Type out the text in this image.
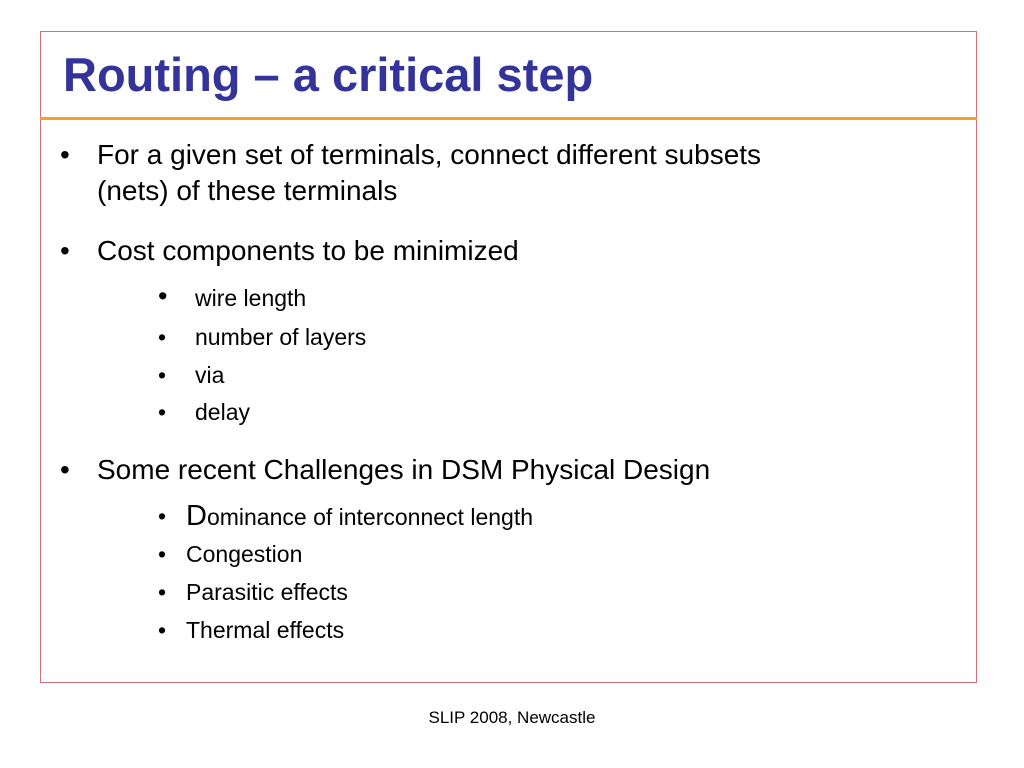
Routing – a critical step
• For a given set of terminals, connect different subsets
(nets) of these terminals
• Cost components to be minimized
• wire length
• number of layers
• via
• delay
• Some recent Challenges in DSM Physical Design
• Dominance of interconnect length
• Congestion
• Parasitic effects
• Thermal effects
SLIP 2008, Newcastle
